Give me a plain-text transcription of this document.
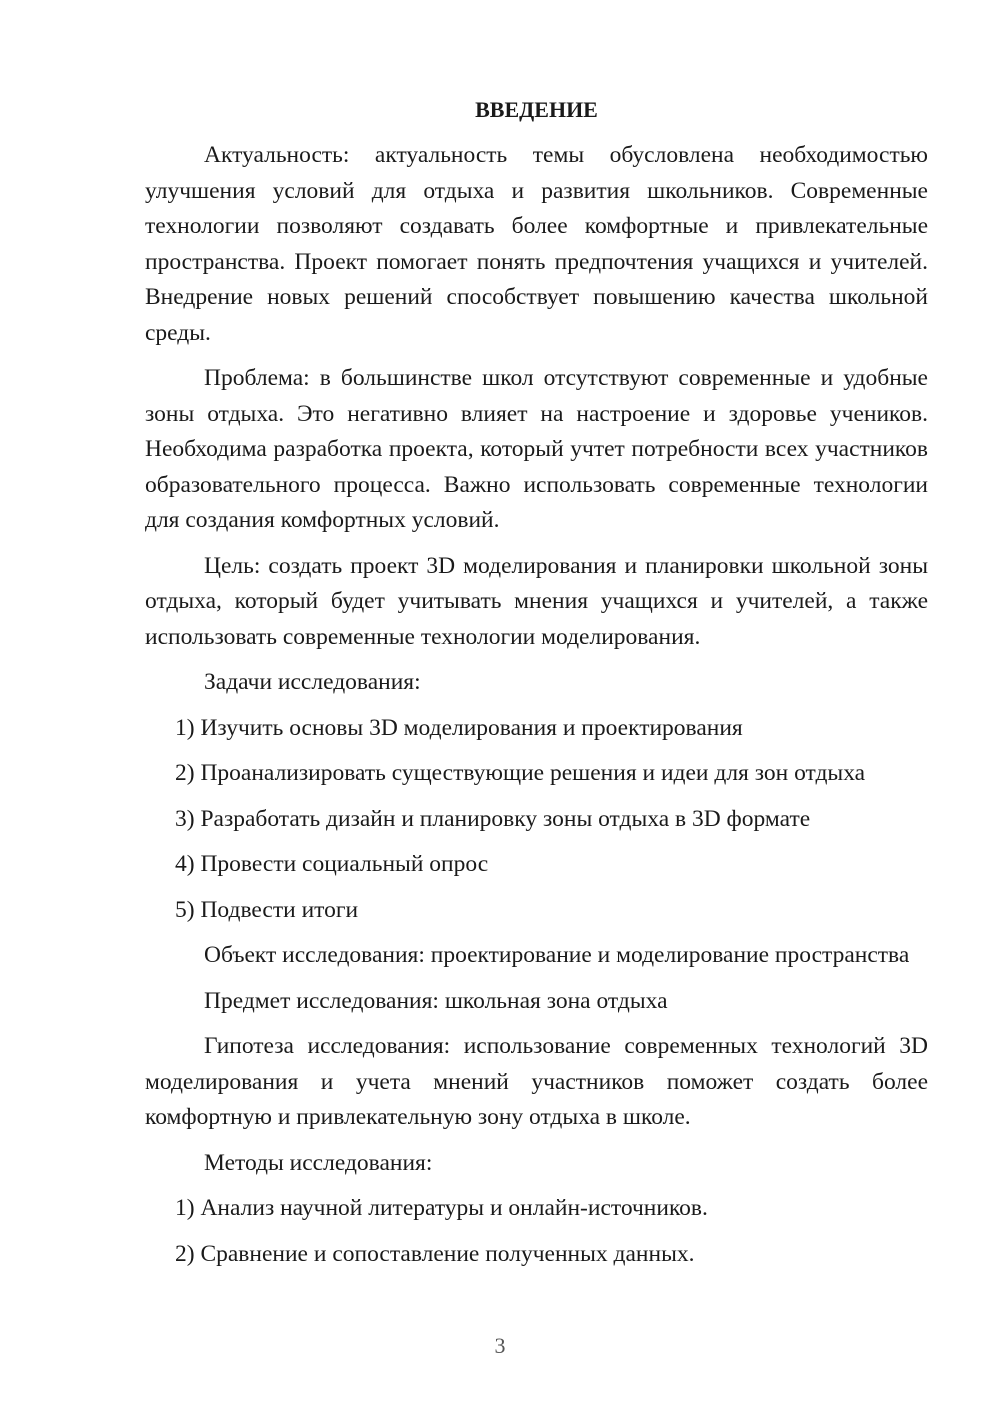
ВВЕДЕНИЕ

Актуальность: актуальность темы обусловлена необходимостью улучшения условий для отдыха и развития школьников. Современные технологии позволяют создавать более комфортные и привлекательные пространства. Проект помогает понять предпочтения учащихся и учителей. Внедрение новых решений способствует повышению качества школьной среды.

Проблема: в большинстве школ отсутствуют современные и удобные зоны отдыха. Это негативно влияет на настроение и здоровье учеников. Необходима разработка проекта, который учтет потребности всех участников образовательного процесса. Важно использовать современные технологии для создания комфортных условий.

Цель: создать проект 3D моделирования и планировки школьной зоны отдыха, который будет учитывать мнения учащихся и учителей, а также использовать современные технологии моделирования.

Задачи исследования:

1) Изучить основы 3D моделирования и проектирования

2) Проанализировать существующие решения и идеи для зон отдыха

3) Разработать дизайн и планировку зоны отдыха в 3D формате

4) Провести социальный опрос

5) Подвести итоги

Объект исследования: проектирование и моделирование пространства

Предмет исследования: школьная зона отдыха

Гипотеза исследования: использование современных технологий 3D моделирования и учета мнений участников поможет создать более комфортную и привлекательную зону отдыха в школе.

Методы исследования:

1) Анализ научной литературы и онлайн-источников.

2) Сравнение и сопоставление полученных данных.

3
